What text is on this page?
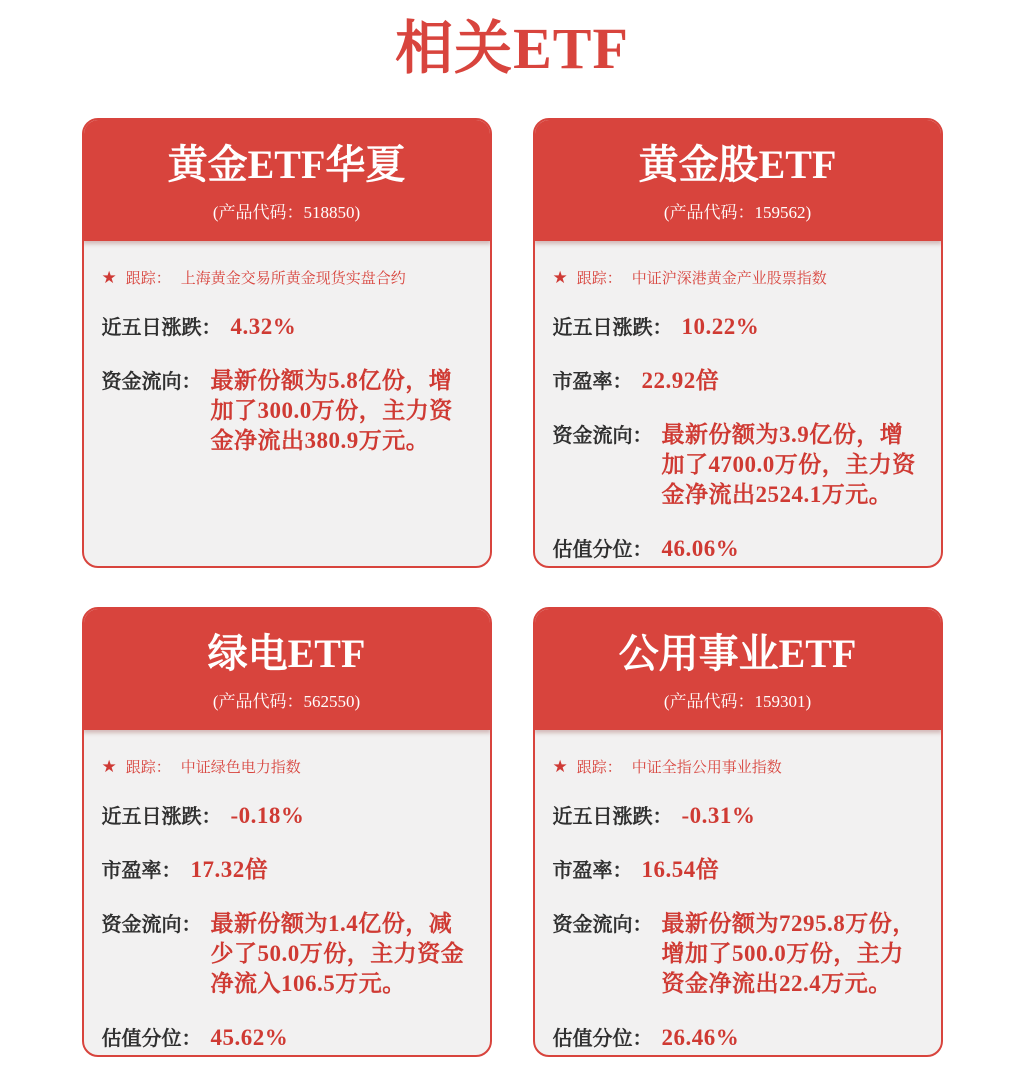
相关ETF
黄金ETF华夏
(产品代码：518850)
★ 跟踪： 上海黄金交易所黄金现货实盘合约
近五日涨跌： 4.32%
资金流向： 最新份额为5.8亿份，增加了300.0万份，主力资金净流出380.9万元。
黄金股ETF
(产品代码：159562)
★ 跟踪： 中证沪深港黄金产业股票指数
近五日涨跌： 10.22%
市盈率： 22.92倍
资金流向： 最新份额为3.9亿份，增加了4700.0万份，主力资金净流出2524.1万元。
估值分位： 46.06%
绿电ETF
(产品代码：562550)
★ 跟踪： 中证绿色电力指数
近五日涨跌： -0.18%
市盈率： 17.32倍
资金流向： 最新份额为1.4亿份，减少了50.0万份，主力资金净流入106.5万元。
估值分位： 45.62%
公用事业ETF
(产品代码：159301)
★ 跟踪： 中证全指公用事业指数
近五日涨跌： -0.31%
市盈率： 16.54倍
资金流向： 最新份额为7295.8万份，增加了500.0万份，主力资金净流出22.4万元。
估值分位： 26.46%
